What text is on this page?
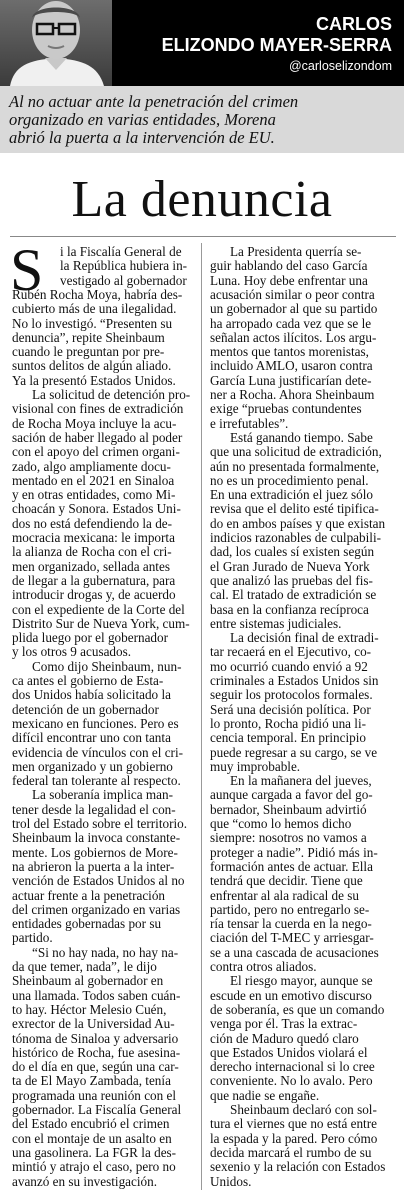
CARLOS
ELIZONDO MAYER-SERRA
@carloselizondom
Al no actuar ante la penetración del crimen
organizado en varias entidades, Morena
abrió la puerta a la intervención de EU.
La denuncia
S i la Fiscalía General de
la República hubiera in-
vestigado al gobernador
Rubén Rocha Moya, habría des-
cubierto más de una ilegalidad.
No lo investigó. “Presenten su
denuncia”, repite Sheinbaum
cuando le preguntan por pre-
suntos delitos de algún aliado.
Ya la presentó Estados Unidos.
La solicitud de detención pro-
visional con fines de extradición
de Rocha Moya incluye la acu-
sación de haber llegado al poder
con el apoyo del crimen organi-
zado, algo ampliamente docu-
mentado en el 2021 en Sinaloa
y en otras entidades, como Mi-
choacán y Sonora. Estados Uni-
dos no está defendiendo la de-
mocracia mexicana: le importa
la alianza de Rocha con el cri-
men organizado, sellada antes
de llegar a la gubernatura, para
introducir drogas y, de acuerdo
con el expediente de la Corte del
Distrito Sur de Nueva York, cum-
plida luego por el gobernador
y los otros 9 acusados.
Como dijo Sheinbaum, nun-
ca antes el gobierno de Esta-
dos Unidos había solicitado la
detención de un gobernador
mexicano en funciones. Pero es
difícil encontrar uno con tanta
evidencia de vínculos con el cri-
men organizado y un gobierno
federal tan tolerante al respecto.
La soberanía implica man-
tener desde la legalidad el con-
trol del Estado sobre el territorio.
Sheinbaum la invoca constante-
mente. Los gobiernos de More-
na abrieron la puerta a la inter-
vención de Estados Unidos al no
actuar frente a la penetración
del crimen organizado en varias
entidades gobernadas por su
partido.
“Si no hay nada, no hay na-
da que temer, nada”, le dijo
Sheinbaum al gobernador en
una llamada. Todos saben cuán-
to hay. Héctor Melesio Cuén,
exrector de la Universidad Au-
tónoma de Sinaloa y adversario
histórico de Rocha, fue asesina-
do el día en que, según una car-
ta de El Mayo Zambada, tenía
programada una reunión con el
gobernador. La Fiscalía General
del Estado encubrió el crimen
con el montaje de un asalto en
una gasolinera. La FGR la des-
mintió y atrajo el caso, pero no
avanzó en su investigación.
La Presidenta querría se-
guir hablando del caso García
Luna. Hoy debe enfrentar una
acusación similar o peor contra
un gobernador al que su partido
ha arropado cada vez que se le
señalan actos ilícitos. Los argu-
mentos que tantos morenistas,
incluido AMLO, usaron contra
García Luna justificarían dete-
ner a Rocha. Ahora Sheinbaum
exige “pruebas contundentes
e irrefutables”.
Está ganando tiempo. Sabe
que una solicitud de extradición,
aún no presentada formalmente,
no es un procedimiento penal.
En una extradición el juez sólo
revisa que el delito esté tipifica-
do en ambos países y que existan
indicios razonables de culpabili-
dad, los cuales sí existen según
el Gran Jurado de Nueva York
que analizó las pruebas del fis-
cal. El tratado de extradición se
basa en la confianza recíproca
entre sistemas judiciales.
La decisión final de extradi-
tar recaerá en el Ejecutivo, co-
mo ocurrió cuando envió a 92
criminales a Estados Unidos sin
seguir los protocolos formales.
Será una decisión política. Por
lo pronto, Rocha pidió una li-
cencia temporal. En principio
puede regresar a su cargo, se ve
muy improbable.
En la mañanera del jueves,
aunque cargada a favor del go-
bernador, Sheinbaum advirtió
que “como lo hemos dicho
siempre: nosotros no vamos a
proteger a nadie”. Pidió más in-
formación antes de actuar. Ella
tendrá que decidir. Tiene que
enfrentar al ala radical de su
partido, pero no entregarlo se-
ría tensar la cuerda en la nego-
ciación del T-MEC y arriesgar-
se a una cascada de acusaciones
contra otros aliados.
El riesgo mayor, aunque se
escude en un emotivo discurso
de soberanía, es que un comando
venga por él. Tras la extrac-
ción de Maduro quedó claro
que Estados Unidos violará el
derecho internacional si lo cree
conveniente. No lo avalo. Pero
que nadie se engañe.
Sheinbaum declaró con sol-
tura el viernes que no está entre
la espada y la pared. Pero cómo
decida marcará el rumbo de su
sexenio y la relación con Estados
Unidos.
